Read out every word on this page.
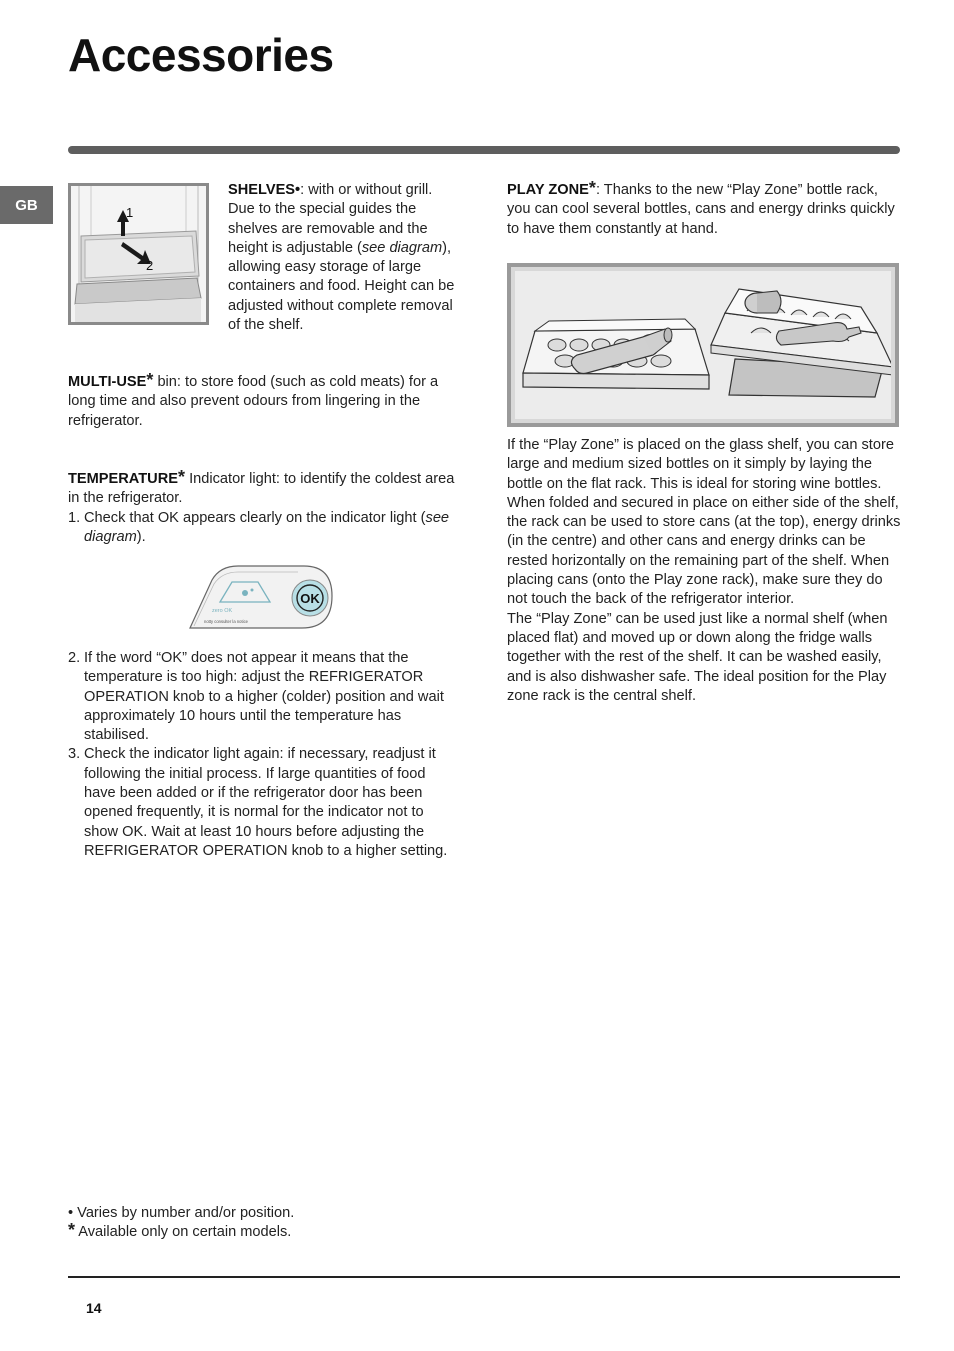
Accessories
GB	1
2

SHELVES•: with or without grill. Due to the special guides the shelves are removable and the height is adjustable (see diagram), allowing easy storage of large containers and food. Height can be adjusted without complete removal of the shelf.

MULTI-USE* bin: to store food (such as cold meats) for a long time and also prevent odours from lingering in the refrigerator.

TEMPERATURE* Indicator light: to identify the coldest area in the refrigerator.

1. Check that OK appears clearly on the indicator light (see diagram).
zero OK
notty consulter la notice
OK
2. If the word “OK” does not appear it means that the temperature is too high: adjust the REFRIGERATOR OPERATION knob to a higher (colder) position and wait approximately 10 hours until the temperature has stabilised.
3. Check the indicator light again: if necessary, readjust it following the initial process. If large quantities of food have been added or if the refrigerator door has been opened frequently, it is normal for the indicator not to show OK. Wait at least 10 hours before adjusting the REFRIGERATOR OPERATION knob to a higher setting.

PLAY ZONE*: Thanks to the new “Play Zone” bottle rack, you can cool several bottles, cans and energy drinks quickly to have them constantly at hand.

If the “Play Zone” is placed on the glass shelf, you can store large and medium sized bottles on it simply by laying the bottle on the flat rack. This is ideal for storing wine bottles. When folded and secured in place on either side of the shelf, the rack can be used to store cans (at the top), energy drinks (in the centre) and other cans and energy drinks can be rested horizontally on the remaining part of the shelf. When placing cans (onto the Play zone rack), make sure they do not touch the back of the refrigerator interior.

The “Play Zone” can be used just like a normal shelf (when placed flat) and moved up or down along the fridge walls together with the rest of the shelf. It can be washed easily, and is also dishwasher safe. The ideal position for the Play zone rack is the central shelf.

• Varies by number and/or position.

* Available only on certain models.

14
